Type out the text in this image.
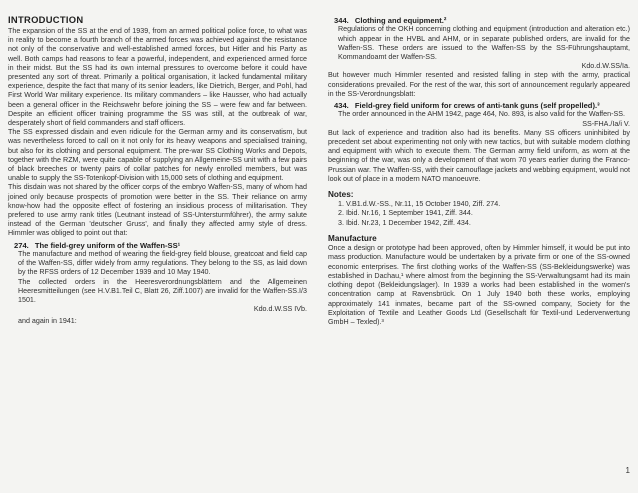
INTRODUCTION

The expansion of the SS at the end of 1939, from an armed political police force, to what was in reality to become a fourth branch of the armed forces was achieved against the resistance not only of the conservative and well-established armed forces, but Hitler and his Party as well. Both camps had reasons to fear a powerful, independent, and experienced armed force in their midst. But the SS had its own internal pressures to overcome before it could have presented any sort of threat. Primarily a political organisation, it lacked fundamental military experience, despite the fact that many of its senior leaders, like Dietrich, Berger, and Pohl, had First World War military experience. Its military commanders – like Hausser, who had actually been a general officer in the Reichswehr before joining the SS – were few and far between. Despite an efficient officer training programme the SS was still, at the outbreak of war, desperately short of field commanders and staff officers.

The SS expressed disdain and even ridicule for the German army and its conservatism, but was nevertheless forced to call on it not only for its heavy weapons and specialised training, but also for its clothing and personal equipment. The pre-war SS Clothing Works and Depots, together with the RZM, were quite capable of supplying an Allgemeine-SS unit with a few pairs of black breeches or twenty pairs of collar patches for newly enrolled members, but was unable to supply the SS-Totenkopf-Division with 15,000 sets of clothing and equipment.

This disdain was not shared by the officer corps of the embryo Waffen-SS, many of whom had joined only because prospects of promotion were better in the SS. Their reliance on army know-how had the opposite effect of fostering an insidious process of militarisation. They prefered to use army rank titles (Leutnant instead of SS-Untersturmführer), the army salute instead of the German 'deutscher Gruss', and finally they affected army style of dress. Himmler was obliged to point out that:

274. The field-grey uniform of the Waffen-SS¹

The manufacture and method of wearing the field-grey field blouse, greatcoat and field cap of the Waffen-SS, differ widely from army regulations. They belong to the SS, as laid down by the RFSS orders of 12 December 1939 and 10 May 1940.

The collected orders in the Heeresverordnungsblättern and the Allgemeinen Heeresmitteilungen (see H.V.B1.Teil C, Blatt 26, Ziff.1007) are invalid for the Waffen-SS.I/3 1501.

Kdo.d.W.SS IVb.

and again in 1941:

344. Clothing and equipment.²

Regulations of the OKH concerning clothing and equipment (introduction and alteration etc.) which appear in the HVBL and AHM, or in separate published orders, are invalid for the Waffen-SS. These orders are issued to the Waffen-SS by the SS-Führungshauptamt, Kommandoamt der Waffen-SS.

Kdo.d.W.SS/Ia.

But however much Himmler resented and resisted falling in step with the army, practical considerations prevailed. For the rest of the war, this sort of announcement regularly appeared in the SS-Verordnungsblatt:

434. Field-grey field uniform for crews of anti-tank guns (self propelled).³

The order announced in the AHM 1942, page 464, No. 893, is also valid for the Waffen-SS.

SS-FHA./Ia/i V.

But lack of experience and tradition also had its benefits. Many SS officers uninhibited by precedent set about experimenting not only with new tactics, but with suitable modern clothing and equipment with which to execute them. The German army field uniform, as worn at the beginning of the war, was only a development of that worn 70 years earlier during the Franco-Prussian war. The Waffen-SS, with their camouflage jackets and webbing equipment, would not look out of place in a modern NATO manoeuvre.

Notes:
1. V.B1.d.W.-SS., Nr.11, 15 October 1940, Ziff. 274.
2. Ibid. Nr.16, 1 September 1941, Ziff. 344.
3. Ibid. Nr.23, 1 December 1942, Ziff. 434.
Manufacture

Once a design or prototype had been approved, often by Himmler himself, it would be put into mass production. Manufacture would be undertaken by a private firm or one of the SS-owned economic enterprises. The first clothing works of the Waffen-SS (SS-Bekleidungswerke) was established in Dachau,¹ where almost from the beginning the SS-Verwaltungsamt had its main clothing depot (Bekleidungslager). In 1939 a works had been established in the women's concentration camp at Ravensbrück. On 1 July 1940 both these works, employing approximately 141 inmates, became part of the SS-owned company, Society for the Exploitation of Textile and Leather Goods Ltd (Gesellschaft für Textil-und Lederverwertung GmbH – Texled).³

1
